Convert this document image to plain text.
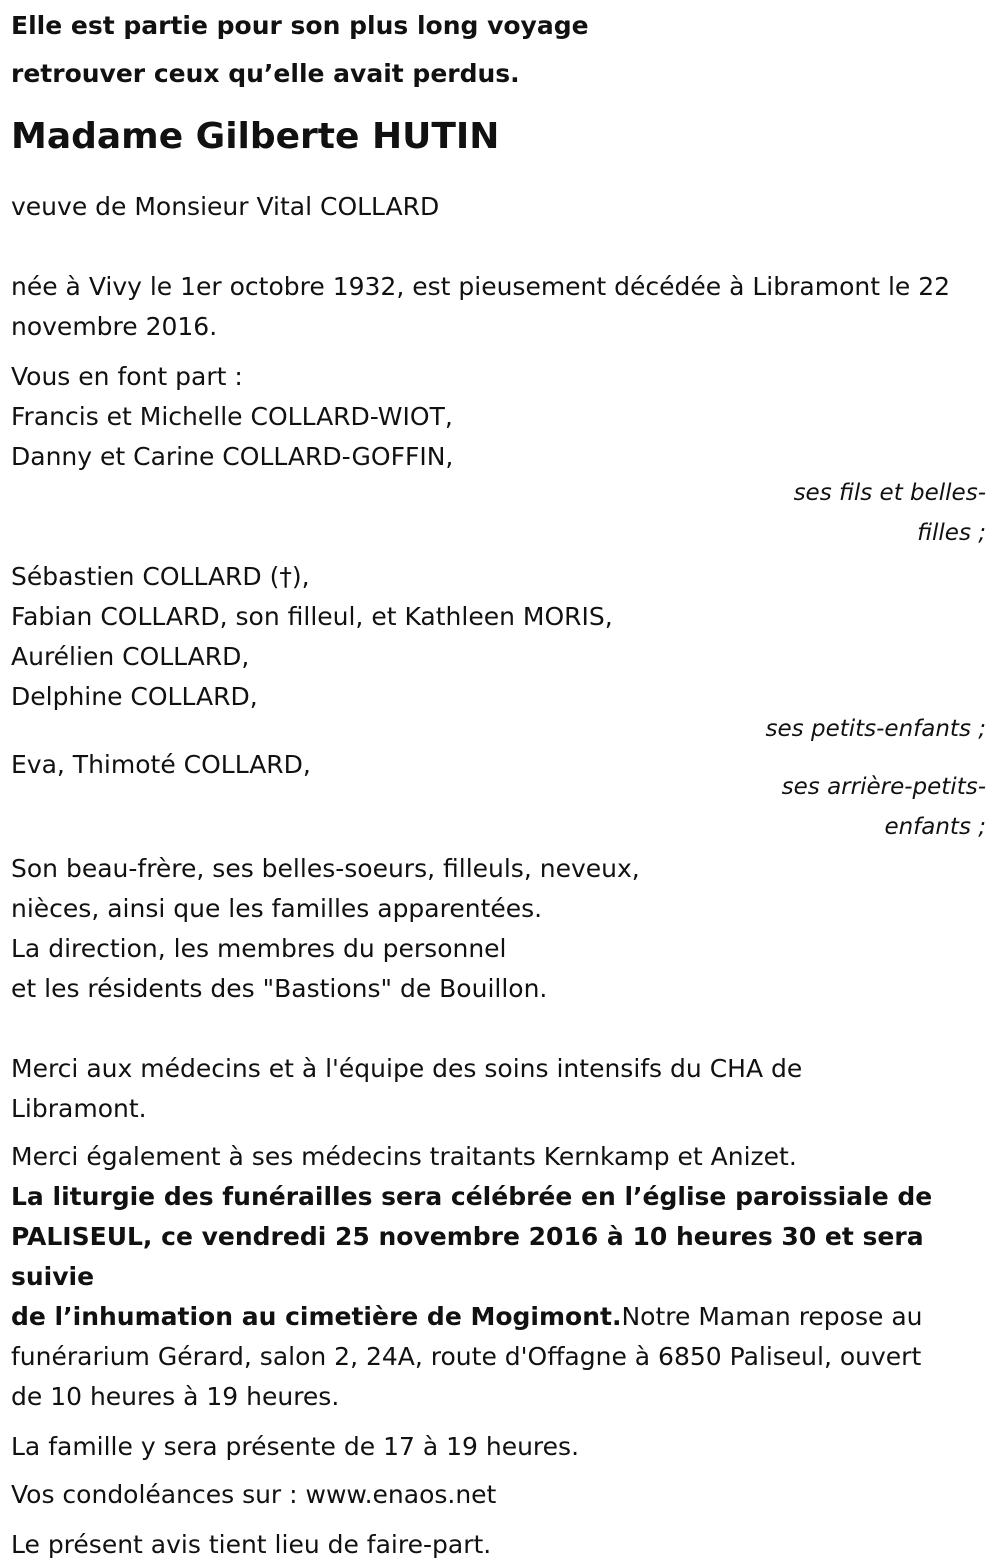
Elle est partie pour son plus long voyage
retrouver ceux qu’elle avait perdus.

Madame Gilberte HUTIN

veuve de Monsieur Vital COLLARD

née à Vivy le 1er octobre 1932, est pieusement décédée à Libramont le 22
novembre 2016.

Vous en font part :

Francis et Michelle COLLARD-WIOT,

Danny et Carine COLLARD-GOFFIN,

ses fils et belles-
filles ;

Sébastien COLLARD (†),

Fabian COLLARD, son filleul, et Kathleen MORIS,

Aurélien COLLARD,

Delphine COLLARD,

ses petits-enfants ;

Eva, Thimoté COLLARD,

ses arrière-petits-
enfants ;

Son beau-frère, ses belles-soeurs, filleuls, neveux,

nièces, ainsi que les familles apparentées.

La direction, les membres du personnel

et les résidents des "Bastions" de Bouillon.

Merci aux médecins et à l'équipe des soins intensifs du CHA de
Libramont.

Merci également à ses médecins traitants Kernkamp et Anizet.

La liturgie des funérailles sera célébrée en l’église paroissiale de
PALISEUL, ce vendredi 25 novembre 2016 à 10 heures 30 et sera suivie
de l’inhumation au cimetière de Mogimont.Notre Maman repose au
funérarium Gérard, salon 2, 24A, route d'Offagne à 6850 Paliseul, ouvert
de 10 heures à 19 heures.

La famille y sera présente de 17 à 19 heures.

Vos condoléances sur : www.enaos.net

Le présent avis tient lieu de faire-part.
